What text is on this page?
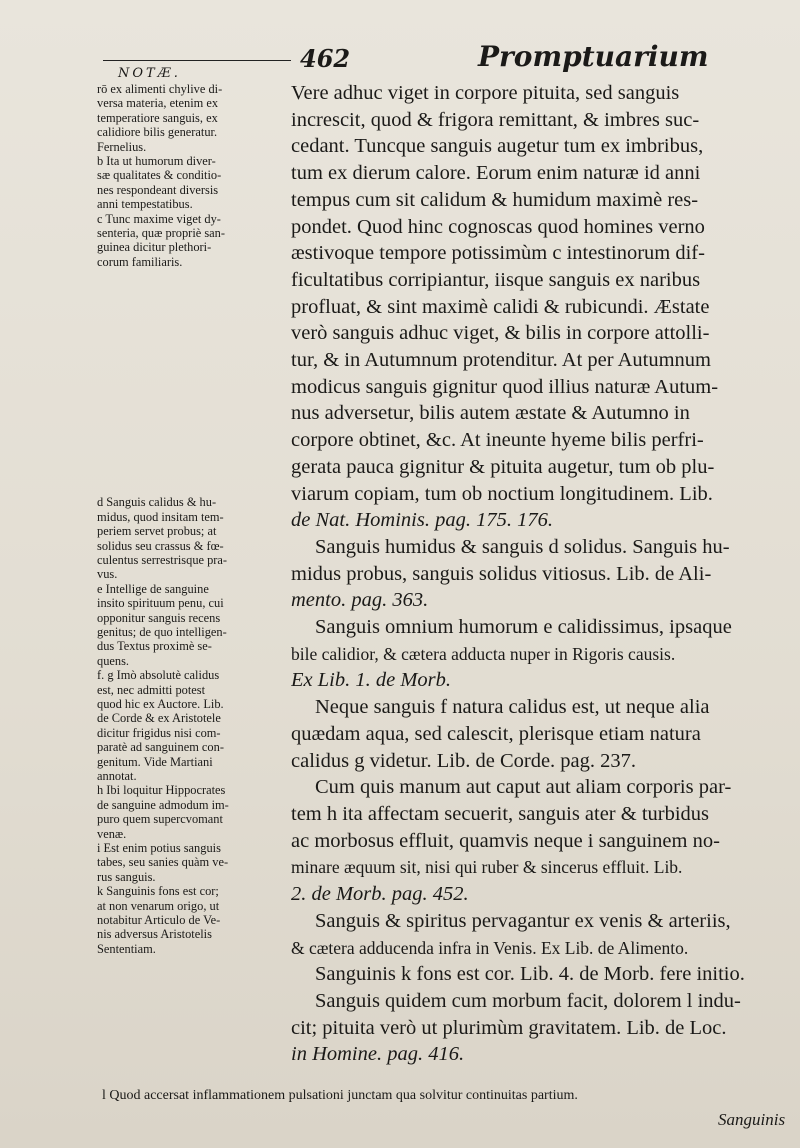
NOTÆ.
462	Promptuarium

rō ex alimenti chylive di-

versa materia, etenim ex

temperatiore sanguis, ex

calidiore bilis generatur.

Fernelius.

b Ita ut humorum diver-

sæ qualitates & conditio-

nes respondeant diversis

anni tempestatibus.

c Tunc maxime viget dy-

senteria, quæ propriè san-

guinea dicitur plethori-

corum familiaris.

d Sanguis calidus & hu-

midus, quod insitam tem-

periem servet probus; at

solidus seu crassus & fœ-

culentus serrestrisque pra-

vus.

e Intellige de sanguine

insito spirituum penu, cui

opponitur sanguis recens

genitus; de quo intelligen-

dus Textus proximè se-

quens.

f. g Imò absolutè calidus

est, nec admitti potest

quod hic ex Auctore. Lib.

de Corde & ex Aristotele

dicitur frigidus nisi com-

paratè ad sanguinem con-

genitum. Vide Martiani

annotat.

h Ibi loquitur Hippocrates

de sanguine admodum im-

puro quem supercvomant

venæ.

i Est enim potius sanguis

tabes, seu sanies quàm ve-

rus sanguis.

k Sanguinis fons est cor;

at non venarum origo, ut

notabitur Articulo de Ve-

nis adversus Aristotelis

Sententiam.

Vere adhuc viget in corpore pituita, sed sanguis

increscit, quod & frigora remittant, & imbres suc-

cedant. Tuncque sanguis augetur tum ex imbribus,

tum ex dierum calore. Eorum enim naturæ id anni

tempus cum sit calidum & humidum maximè res-

pondet. Quod hinc cognoscas quod homines verno

æstivoque tempore potissimùm c intestinorum dif-

ficultatibus corripiantur, iisque sanguis ex naribus

profluat, & sint maximè calidi & rubicundi. Æstate

verò sanguis adhuc viget, & bilis in corpore attolli-

tur, & in Autumnum protenditur. At per Autumnum

modicus sanguis gignitur quod illius naturæ Autum-

nus adversetur, bilis autem æstate & Autumno in

corpore obtinet, &c. At ineunte hyeme bilis perfri-

gerata pauca gignitur & pituita augetur, tum ob plu-

viarum copiam, tum ob noctium longitudinem. Lib.

de Nat. Hominis. pag. 175. 176.

Sanguis humidus & sanguis d solidus. Sanguis hu-

midus probus, sanguis solidus vitiosus. Lib. de Ali-

mento. pag. 363.

Sanguis omnium humorum e calidissimus, ipsaque

bile calidior, & cætera adducta nuper in Rigoris causis.

Ex Lib. 1. de Morb.

Neque sanguis f natura calidus est, ut neque alia

quædam aqua, sed calescit, plerisque etiam natura

calidus g videtur. Lib. de Corde. pag. 237.

Cum quis manum aut caput aut aliam corporis par-

tem h ita affectam secuerit, sanguis ater & turbidus

ac morbosus effluit, quamvis neque i sanguinem no-

minare æquum sit, nisi qui ruber & sincerus effluit. Lib.

2. de Morb. pag. 452.

Sanguis & spiritus pervagantur ex venis & arteriis,

& cætera adducenda infra in Venis. Ex Lib. de Alimento.

Sanguinis k fons est cor. Lib. 4. de Morb. fere initio.

Sanguis quidem cum morbum facit, dolorem l indu-

cit; pituita verò ut plurimùm gravitatem. Lib. de Loc.

in Homine. pag. 416.

l Quod accersat inflammationem pulsationi junctam qua solvitur continuitas partium.
Sanguinis
